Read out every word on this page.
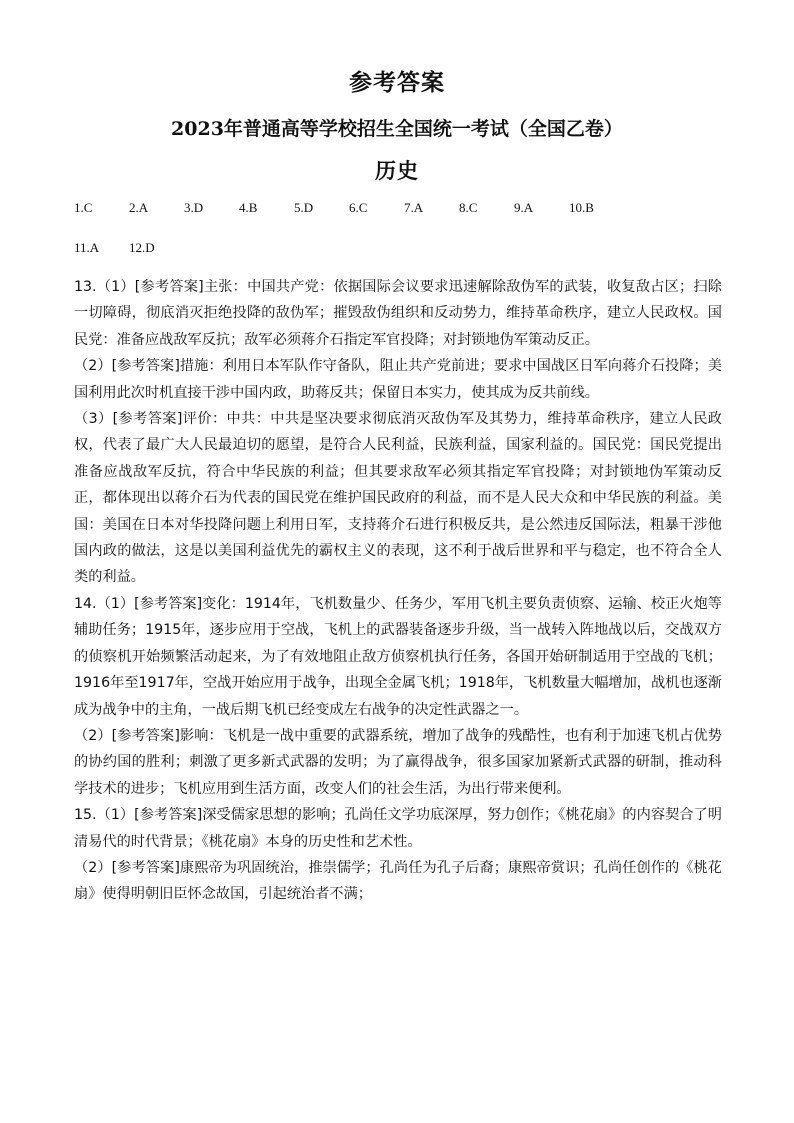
参考答案
2023年普通高等学校招生全国统一考试（全国乙卷）
历史
1.C	2.A	3.D	4.B	5.D	6.C	7.A	8.C	9.A	10.B
11.A 12.D

13.（1）[参考答案]主张：中国共产党：依据国际会议要求迅速解除敌伪军的武装，收复敌占区；扫除一切障碍，彻底消灭拒绝投降的敌伪军；摧毁敌伪组织和反动势力，维持革命秩序，建立人民政权。国民党：准备应战敌军反抗；敌军必须蒋介石指定军官投降；对封锁地伪军策动反正。

（2）[参考答案]措施：利用日本军队作守备队，阻止共产党前进；要求中国战区日军向蒋介石投降；美国利用此次时机直接干涉中国内政，助蒋反共；保留日本实力，使其成为反共前线。

（3）[参考答案]评价：中共：中共是坚决要求彻底消灭敌伪军及其势力，维持革命秩序，建立人民政权，代表了最广大人民最迫切的愿望，是符合人民利益，民族利益，国家利益的。国民党：国民党提出准备应战敌军反抗，符合中华民族的利益；但其要求敌军必须其指定军官投降；对封锁地伪军策动反正，都体现出以蒋介石为代表的国民党在维护国民政府的利益，而不是人民大众和中华民族的利益。美国：美国在日本对华投降问题上利用日军，支持蒋介石进行积极反共，是公然违反国际法，粗暴干涉他国内政的做法，这是以美国利益优先的霸权主义的表现，这不利于战后世界和平与稳定，也不符合全人类的利益。

14.（1）[参考答案]变化：1914年，飞机数量少、任务少，军用飞机主要负责侦察、运输、校正火炮等辅助任务；1915年，逐步应用于空战，飞机上的武器装备逐步升级，当一战转入阵地战以后，交战双方的侦察机开始频繁活动起来，为了有效地阻止敌方侦察机执行任务，各国开始研制适用于空战的飞机；1916年至1917年，空战开始应用于战争，出现全金属飞机；1918年，飞机数量大幅增加，战机也逐渐成为战争中的主角，一战后期飞机已经变成左右战争的决定性武器之一。

（2）[参考答案]影响：飞机是一战中重要的武器系统，增加了战争的残酷性，也有利于加速飞机占优势的协约国的胜利；刺激了更多新式武器的发明；为了赢得战争，很多国家加紧新式武器的研制，推动科学技术的进步；飞机应用到生活方面，改变人们的社会生活，为出行带来便利。

15.（1）[参考答案]深受儒家思想的影响；孔尚任文学功底深厚，努力创作；《桃花扇》的内容契合了明清易代的时代背景；《桃花扇》本身的历史性和艺术性。

（2）[参考答案]康熙帝为巩固统治，推崇儒学；孔尚任为孔子后裔；康熙帝赏识；孔尚任创作的《桃花扇》使得明朝旧臣怀念故国，引起统治者不满；
